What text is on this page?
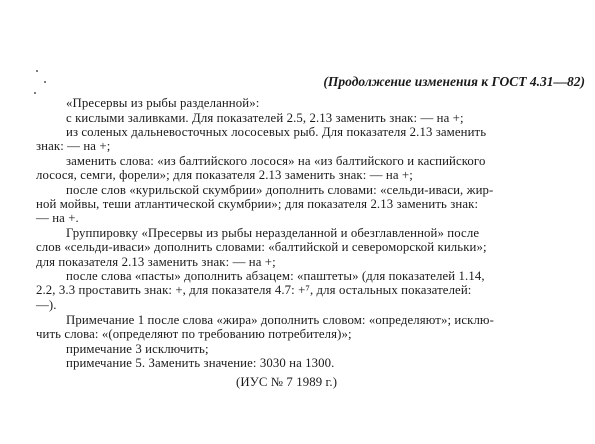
(Продолжение изменения к ГОСТ 4.31—82)
«Пресервы из рыбы разделанной»:
с кислыми заливками. Для показателей 2.5, 2.13 заменить знак: — на +;
из соленых дальневосточных лососевых рыб. Для показателя 2.13 заменить
знак: — на +;
заменить слова: «из балтийского лосося» на «из балтийского и каспийского
лосося, семги, форели»; для показателя 2.13 заменить знак: — на +;
после слов «курильской скумбрии» дополнить словами: «сельди-иваси, жир-
ной мойвы, теши атлантической скумбрии»; для показателя 2.13 заменить знак:
— на +.
Группировку «Пресервы из рыбы неразделанной и обезглавленной» после
слов «сельди-иваси» дополнить словами: «балтийской и североморской кильки»;
для показателя 2.13 заменить знак: — на +;
после слова «пасты» дополнить абзацем: «паштеты» (для показателей 1.14,
2.2, 3.3 проставить знак: +, для показателя 4.7: +⁷, для остальных показателей:
—).
Примечание 1 после слова «жира» дополнить словом: «определяют»; исклю-
чить слова: «(определяют по требованию потребителя)»;
примечание 3 исключить;
примечание 5. Заменить значение: 3030 на 1300.
(ИУС № 7 1989 г.)
